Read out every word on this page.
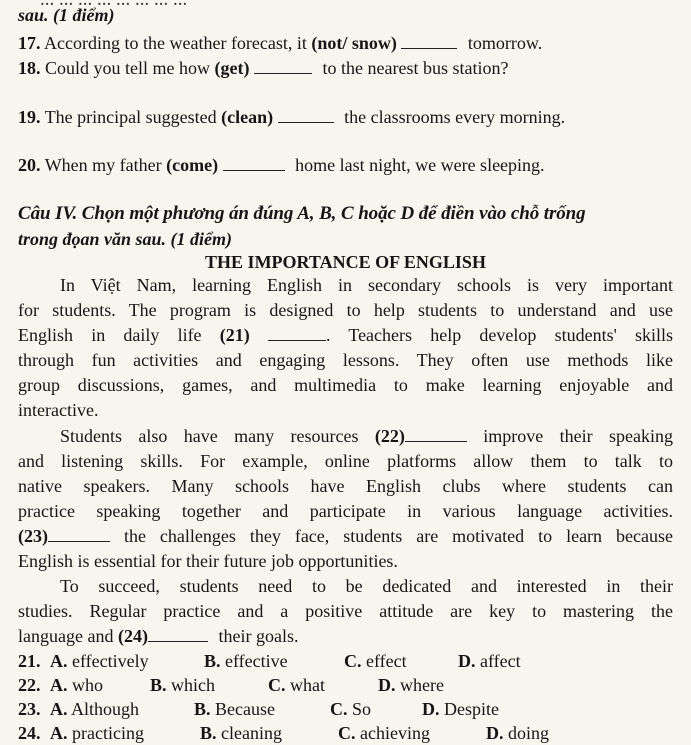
sau. (1 điểm)
17. According to the weather forecast, it (not/ snow)	tomorrow.
18. Could you tell me how (get)	to the nearest bus station?
19. The principal suggested (clean)	the classrooms every morning.
20. When my father (come)	home last night, we were sleeping.
Câu IV. Chọn một phương án đúng A, B, C hoặc D để điền vào chỗ trống
trong đọan văn sau. (1 điểm)
THE IMPORTANCE OF ENGLISH
In Việt Nam, learning English in secondary schools is very important
for students. The program is designed to help students to understand and use
English in daily life (21)	. Teachers help develop students' skills
through fun activities and engaging lessons. They often use methods like
group discussions, games, and multimedia to make learning enjoyable and
interactive.
Students also have many resources (22)	improve their speaking
and listening skills. For example, online platforms allow them to talk to
native speakers. Many schools have English clubs where students can
practice speaking together and participate in various language activities.
(23)	the challenges they face, students are motivated to learn because
English is essential for their future job opportunities.
To succeed, students need to be dedicated and interested in their
studies. Regular practice and a positive attitude are key to mastering the
language and (24)	their goals.
21. A. effectively	B. effective	C. effect	D. affect
22. A. who	B. which	C. what	D. where
23. A. Although	B. Because	C. So	D. Despite
24. A. practicing	B. cleaning	C. achieving	D. doing
